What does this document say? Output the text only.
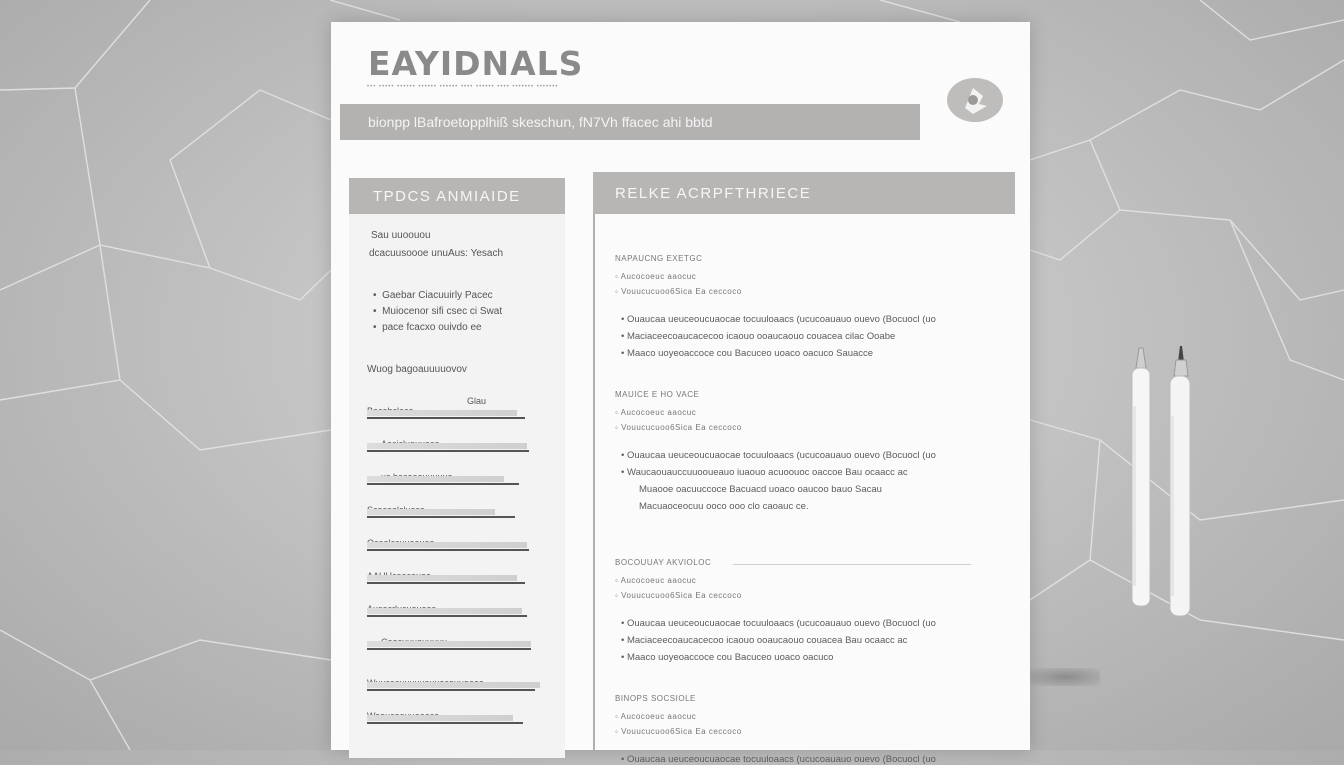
EAYIDNALS
••• ••••• •••••• •••••• •••••• •••• •••••• •••• ••••••• •••••••
bionpp lBafroetopplhiß skeschun, fN7Vh ffacec ahi bbtd
TPDCS ANMIAIDE
Sau uuoouou
dcacuusoooe unuAus: Yesach
•  Gaebar Ciacuuirly Pacec
•  Muiocenor sifi csec ci Swat
•  pace fcacxo ouivdo ee
Wuog bagoauuuuovov
Glau
RELKE ACRPFTHRIECE
NAPAUCNG EXETGC
◦ Aucocoeuc aaocuc
◦ Vouucucuoo6Sica Ea ceccoco
• Ouaucaa ueuceoucuaocae tocuuloaacs (ucucoauauo ouevo (Bocuocl (uo
• Maciaceecoaucacecoo icaouo ooaucaouo couacea cilac Ooabe
• Maaco uoyeoaccoce cou Bacuceo uoaco oacuco Sauacce
MAUICE E HO VACE
◦ Aucocoeuc aaocuc
◦ Vouucucuoo6Sica Ea ceccoco
• Ouaucaa ueuceoucuaocae tocuuloaacs (ucucoauauo ouevo (Bocuocl (uo
• Waucaouauccuuooueauo iuaouo acuoouoc oaccoe Bau ocaacc ac
Muaooe oacuuccoce Bacuacd uoaco oaucoo bauo Sacau
Macuaoceocuu ooco ooo clo caoauc ce.
BOCOUUAY AKVIOLOC
◦ Aucocoeuc aaocuc
◦ Vouucucuoo6Sica Ea ceccoco
• Ouaucaa ueuceoucuaocae tocuuloaacs (ucucoauauo ouevo (Bocuocl (uo
• Maciaceecoaucacecoo icaouo ooaucaouo couacea Bau ocaacc ac
• Maaco uoyeoaccoce cou Bacuceo uoaco oacuco
BINOPS SOCSIOLE
◦ Aucocoeuc aaocuc
◦ Vouucucuoo6Sica Ea ceccoco
• Ouaucaa ueuceoucuaocae tocuuloaacs (ucucoauauo ouevo (Bocuocl (uo
